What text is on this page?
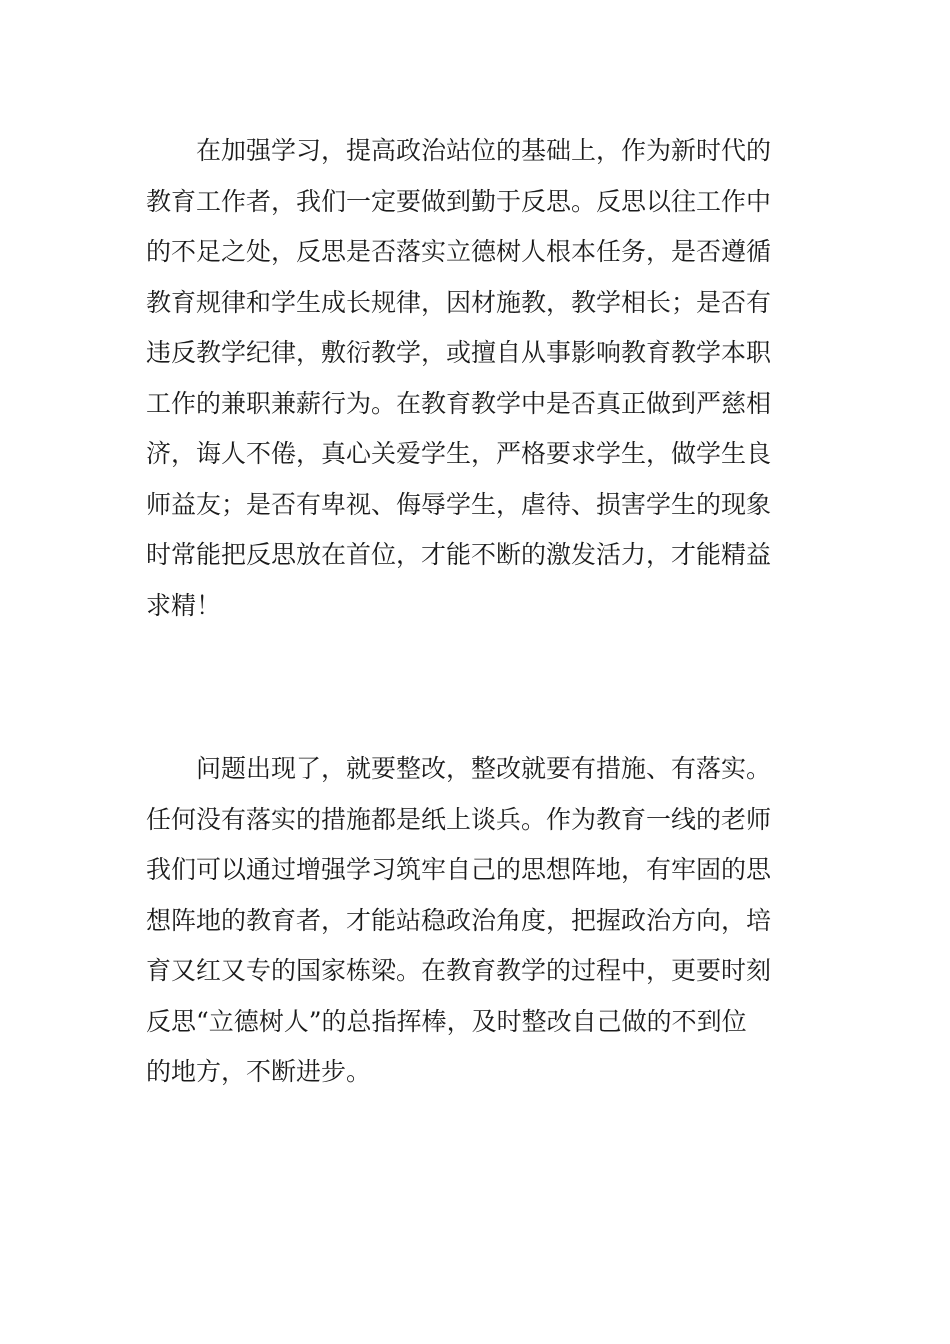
在加强学习，提高政治站位的基础上，作为新时代的
教育工作者，我们一定要做到勤于反思。反思以往工作中
的不足之处，反思是否落实立德树人根本任务，是否遵循
教育规律和学生成长规律，因材施教，教学相长；是否有
违反教学纪律，敷衍教学，或擅自从事影响教育教学本职
工作的兼职兼薪行为。在教育教学中是否真正做到严慈相
济，诲人不倦，真心关爱学生，严格要求学生，做学生良
师益友；是否有卑视、侮辱学生，虐待、损害学生的现象
时常能把反思放在首位，才能不断的激发活力，才能精益
求精！
问题出现了，就要整改，整改就要有措施、有落实。
任何没有落实的措施都是纸上谈兵。作为教育一线的老师
我们可以通过增强学习筑牢自己的思想阵地，有牢固的思
想阵地的教育者，才能站稳政治角度，把握政治方向，培
育又红又专的国家栋梁。在教育教学的过程中，更要时刻
反思“立德树人”的总指挥棒，及时整改自己做的不到位
的地方，不断进步。
